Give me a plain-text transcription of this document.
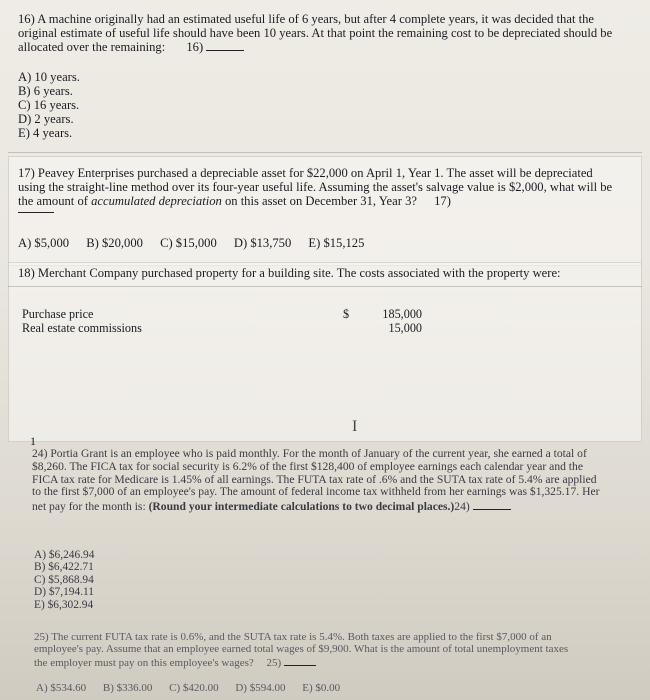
16) A machine originally had an estimated useful life of 6 years, but after 4 complete years, it was decided that the original estimate of useful life should have been 10 years. At that point the remaining cost to be depreciated should be allocated over the remaining: 16)
A) 10 years.
B) 6 years.
C) 16 years.
D) 2 years.
E) 4 years.
17) Peavey Enterprises purchased a depreciable asset for $22,000 on April 1, Year 1. The asset will be depreciated using the straight-line method over its four-year useful life. Assuming the asset's salvage value is $2,000, what will be the amount of accumulated depreciation on this asset on December 31, Year 3? 17)
A) $5,000 B) $20,000 C) $15,000 D) $13,750 E) $15,125
18) Merchant Company purchased property for a building site. The costs associated with the property were:
Purchase price
Real estate commissions
$	185,000
15,000
I
1
24) Portia Grant is an employee who is paid monthly. For the month of January of the current year, she earned a total of $8,260. The FICA tax for social security is 6.2% of the first $128,400 of employee earnings each calendar year and the FICA tax rate for Medicare is 1.45% of all earnings. The FUTA tax rate of .6% and the SUTA tax rate of 5.4% are applied to the first $7,000 of an employee's pay. The amount of federal income tax withheld from her earnings was $1,325.17. Her net pay for the month is: (Round your intermediate calculations to two decimal places.)24)
A) $6,246.94
B) $6,422.71
C) $5,868.94
D) $7,194.11
E) $6,302.94
25) The current FUTA tax rate is 0.6%, and the SUTA tax rate is 5.4%. Both taxes are applied to the first $7,000 of an employee's pay. Assume that an employee earned total wages of $9,900. What is the amount of total unemployment taxes the employer must pay on this employee's wages? 25)
A) $534.60 B) $336.00 C) $420.00 D) $594.00 E) $0.00
